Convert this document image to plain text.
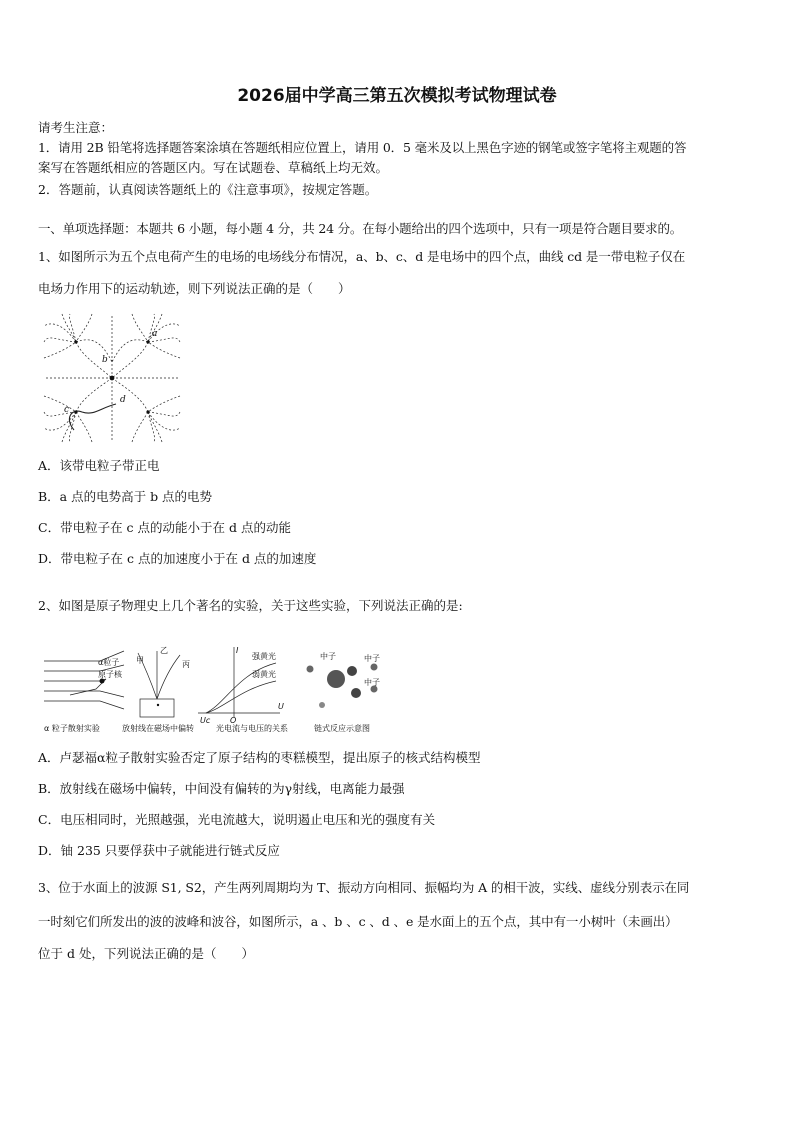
2026届中学高三第五次模拟考试物理试卷
请考生注意：
1．请用 2B 铅笔将选择题答案涂填在答题纸相应位置上，请用 0．5 毫米及以上黑色字迹的钢笔或签字笔将主观题的答
案写在答题纸相应的答题区内。写在试题卷、草稿纸上均无效。
2．答题前，认真阅读答题纸上的《注意事项》，按规定答题。
一、单项选择题：本题共 6 小题，每小题 4 分，共 24 分。在每小题给出的四个选项中，只有一项是符合题目要求的。
1、如图所示为五个点电荷产生的电场的电场线分布情况，a、b、c、d 是电场中的四个点，曲线 cd 是一带电粒子仅在
电场力作用下的运动轨迹，则下列说法正确的是（　　）
a
b
c
d
A．该带电粒子带正电
B．a 点的电势高于 b 点的电势
C．带电粒子在 c 点的动能小于在 d 点的动能
D．带电粒子在 c 点的加速度小于在 d 点的加速度
2、如图是原子物理史上几个著名的实验，关于这些实验，下列说法正确的是:
α粒子
原子核
甲
乙
丙
I
U
Uc O
强黄光
弱黄光
中子	中子
中子
α 粒子散射实验	放射线在磁场中偏转	光电流与电压的关系	链式反应示意图
A．卢瑟福α粒子散射实验否定了原子结构的枣糕模型，提出原子的核式结构模型
B．放射线在磁场中偏转，中间没有偏转的为γ射线，电离能力最强
C．电压相同时，光照越强，光电流越大，说明遏止电压和光的强度有关
D．铀 235 只要俘获中子就能进行链式反应
3、位于水面上的波源 S1, S2，产生两列周期均为 T、振动方向相同、振幅均为 A 的相干波，实线、虚线分别表示在同
一时刻它们所发出的波的波峰和波谷，如图所示，a 、b 、c 、d 、e 是水面上的五个点，其中有一小树叶（未画出）
位于 d 处，下列说法正确的是（　　）
